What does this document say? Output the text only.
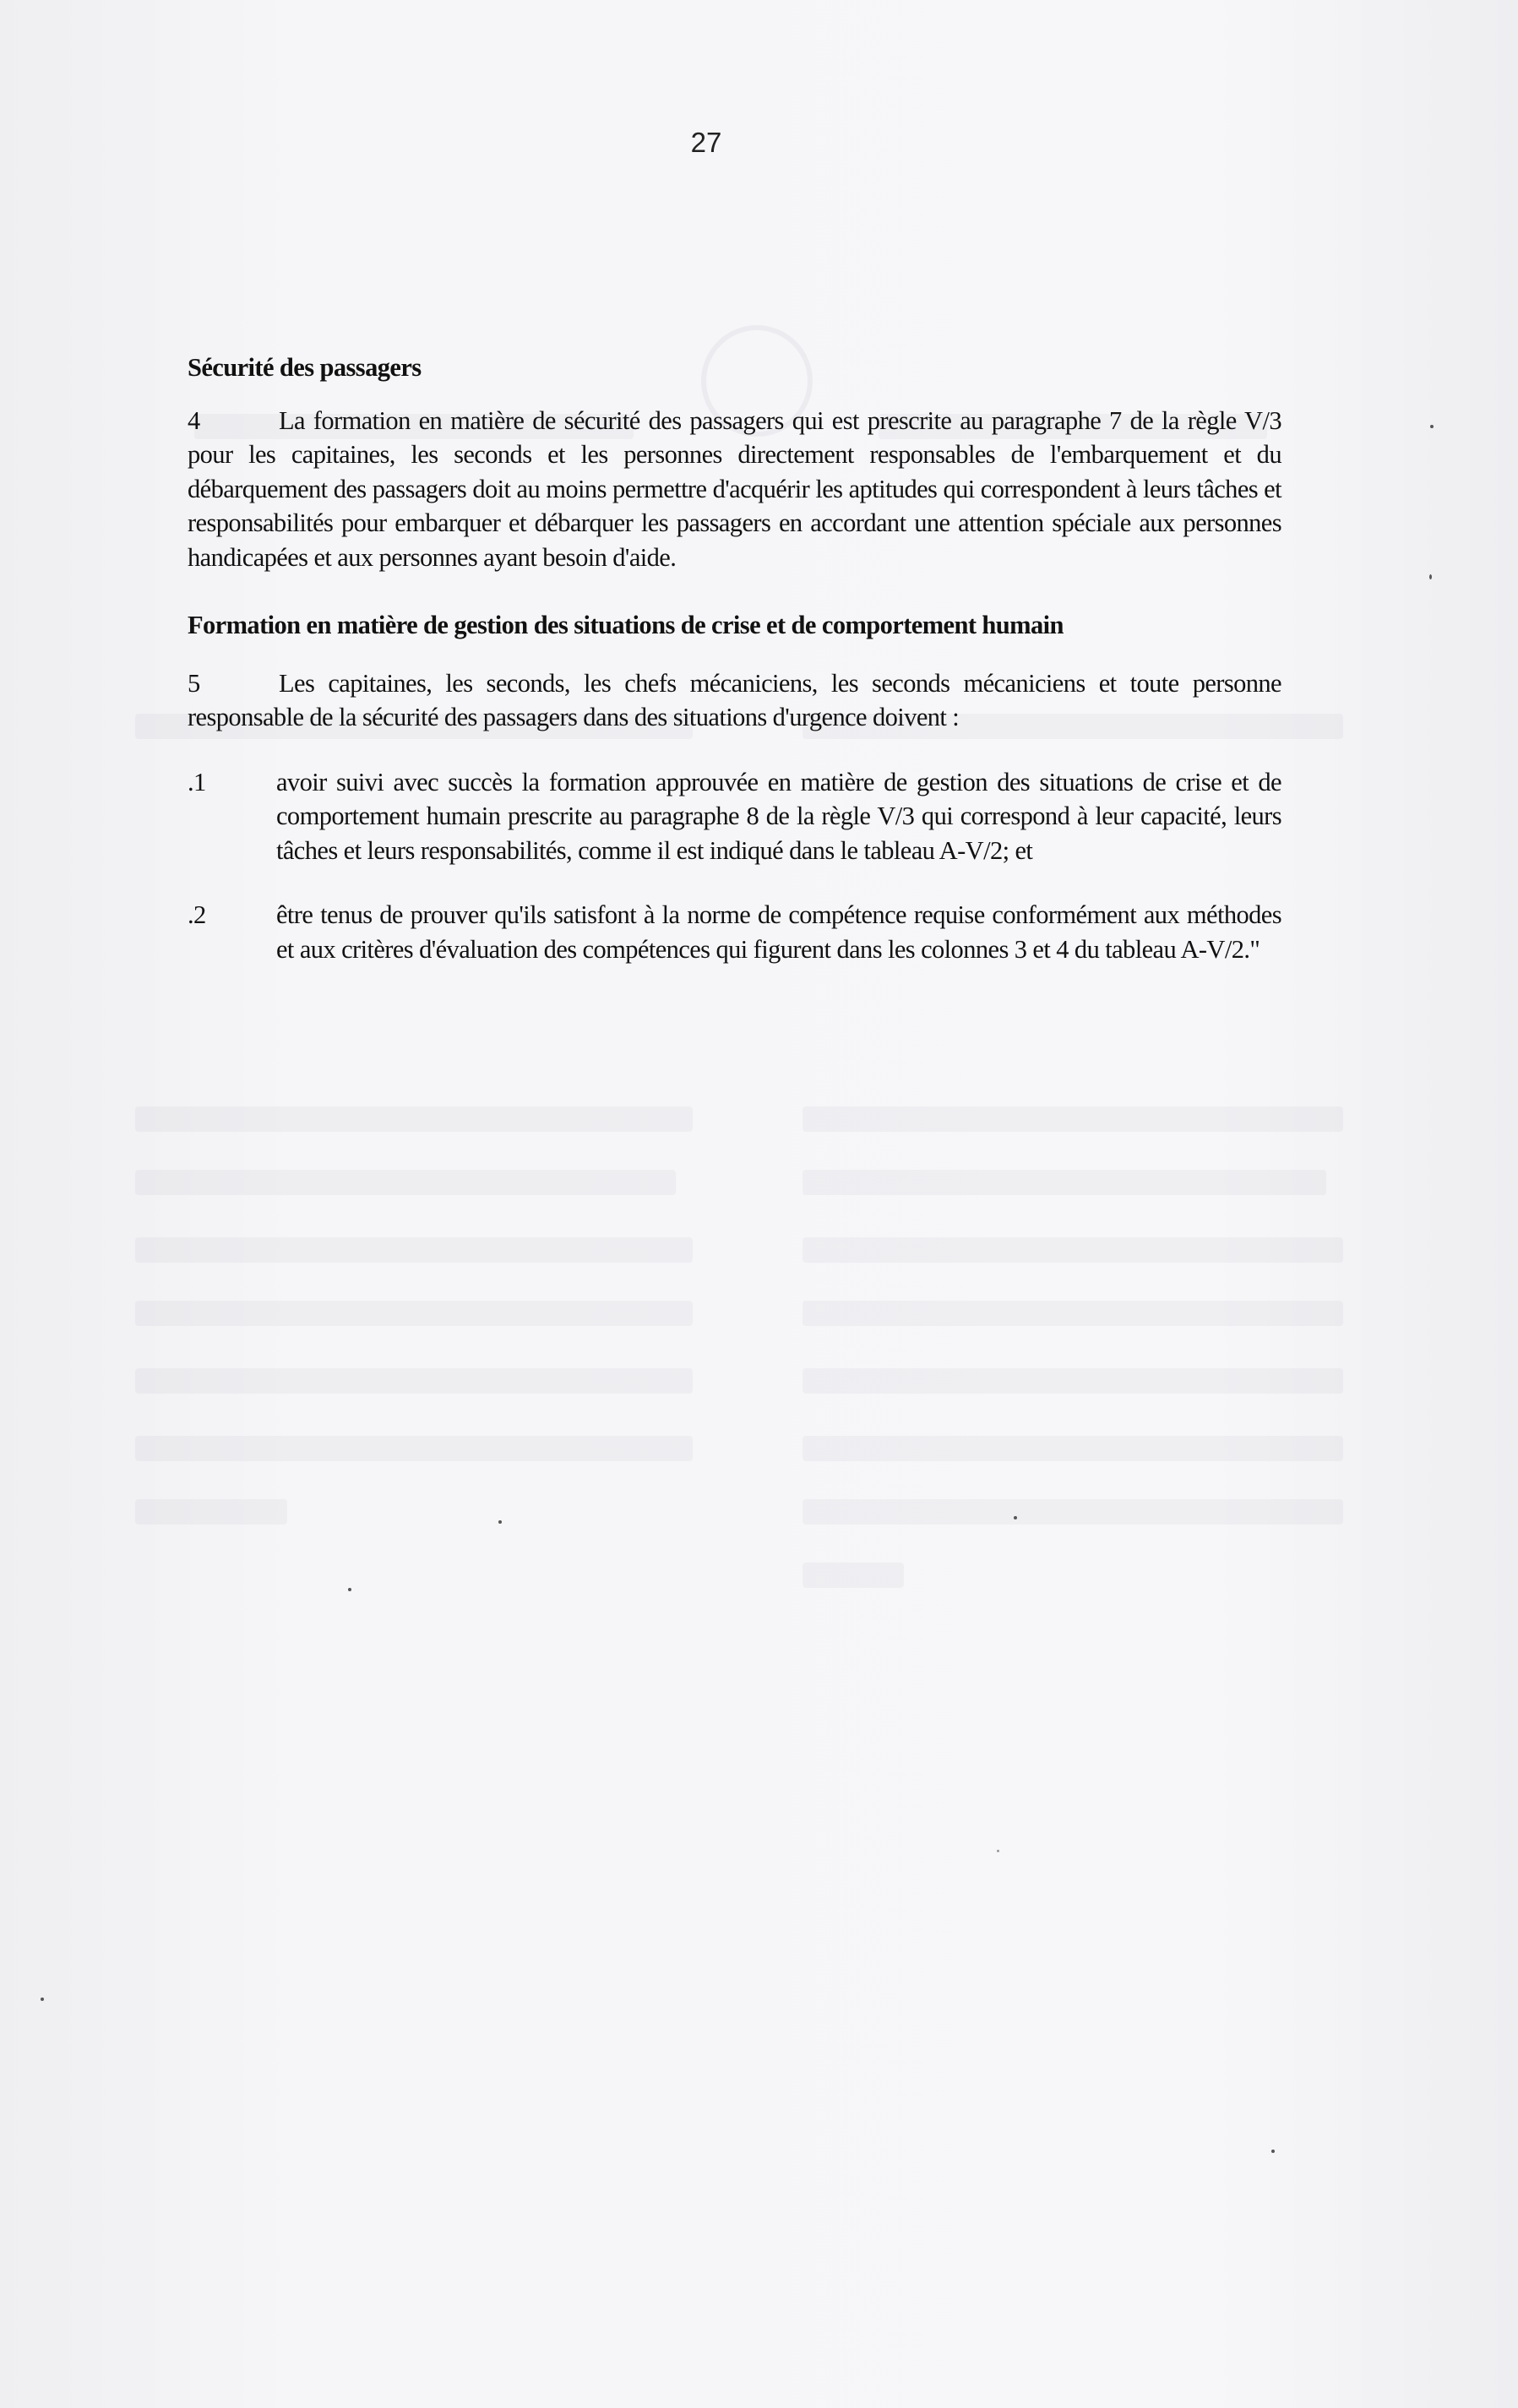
27

Sécurité des passagers

4	La formation en matière de sécurité des passagers qui est prescrite au paragraphe 7 de la règle V/3 pour les capitaines, les seconds et les personnes directement responsables de l'embarquement et du débarquement des passagers doit au moins permettre d'acquérir les aptitudes qui correspondent à leurs tâches et responsabilités pour embarquer et débarquer les passagers en accordant une attention spéciale aux personnes handicapées et aux personnes ayant besoin d'aide.

Formation en matière de gestion des situations de crise et de comportement humain

5	Les capitaines, les seconds, les chefs mécaniciens, les seconds mécaniciens et toute personne responsable de la sécurité des passagers dans des situations d'urgence doivent :

.1	avoir suivi avec succès la formation approuvée en matière de gestion des situations de crise et de comportement humain prescrite au paragraphe 8 de la règle V/3 qui correspond à leur capacité, leurs tâches et leurs responsabilités, comme il est indiqué dans le tableau A-V/2; et

.2	être tenus de prouver qu'ils satisfont à la norme de compétence requise conformément aux méthodes et aux critères d'évaluation des compétences qui figurent dans les colonnes 3 et 4 du tableau A-V/2."
